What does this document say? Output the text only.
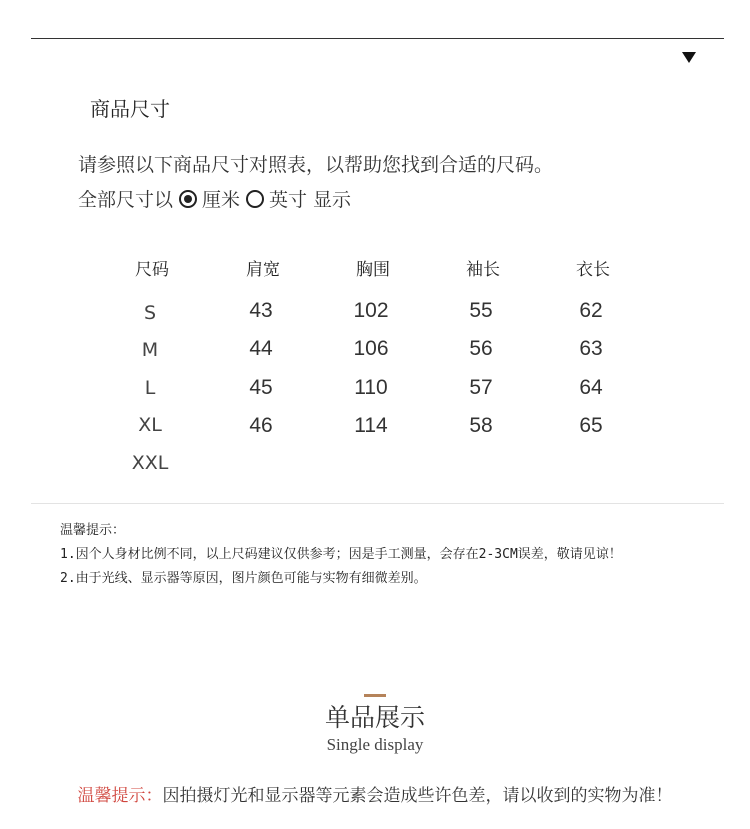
商品尺寸
请参照以下商品尺寸对照表，以帮助您找到合适的尺码。
全部尺寸以 厘米 英寸 显示
尺码	肩宽	胸围	袖长	衣长
S	43	102	55	62
M	44	106	56	63
L	45	110	57	64
XL	46	114	58	65
XXL
温馨提示：
1.因个人身材比例不同，以上尺码建议仅供参考；因是手工测量，会存在2-3CM误差，敬请见谅！
2.由于光线、显示器等原因，图片颜色可能与实物有细微差别。
单品展示
Single display
温馨提示：因拍摄灯光和显示器等元素会造成些许色差，请以收到的实物为准！
